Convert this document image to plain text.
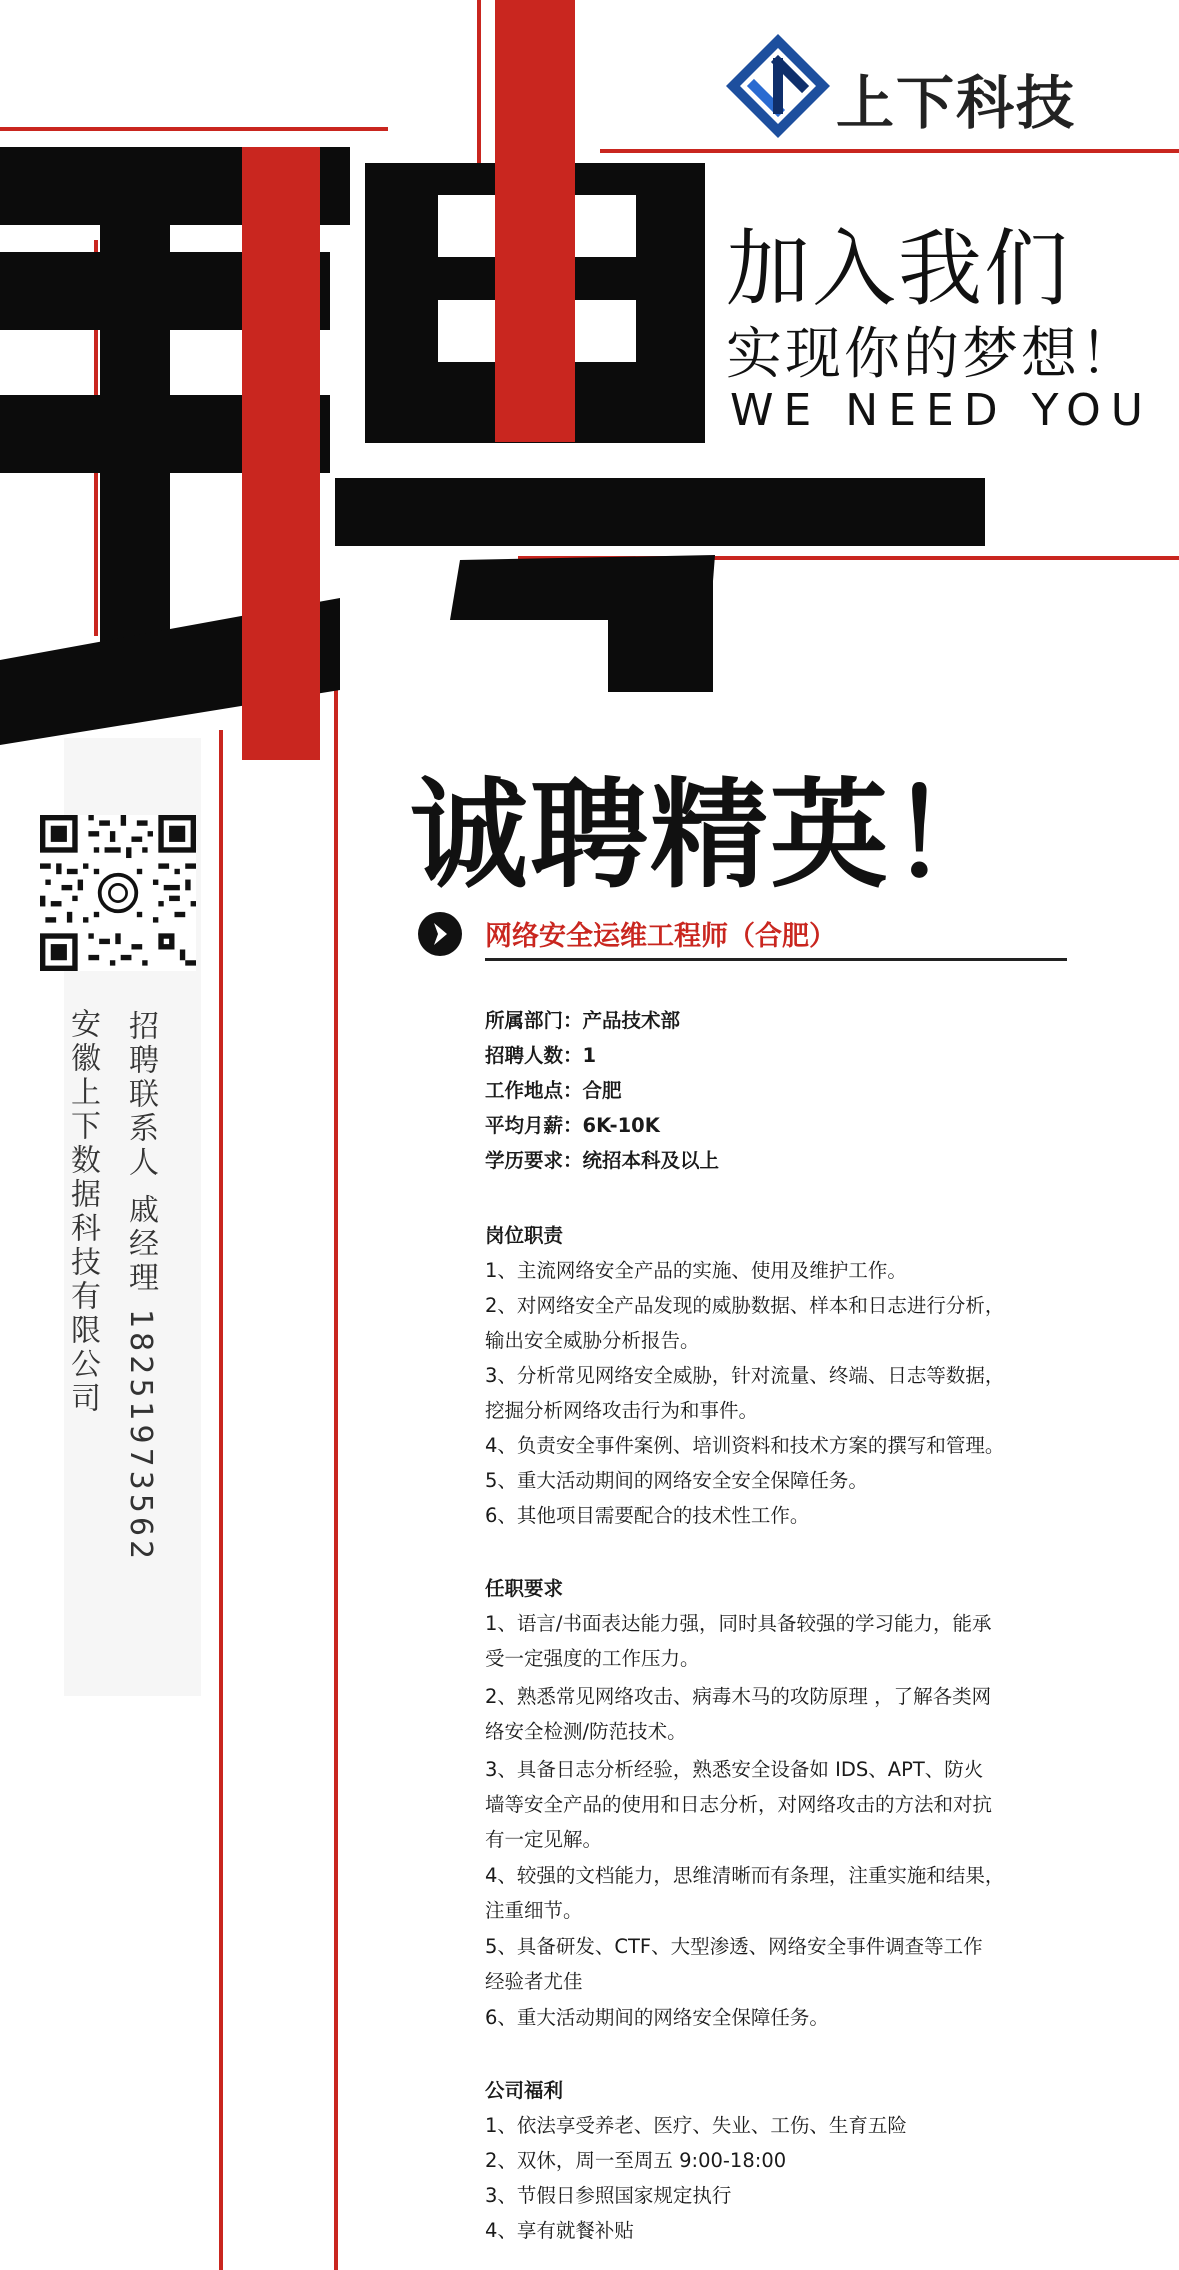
上下科技
加入我们
实现你的梦想！
WE NEED YOU
招聘联系人 戚经理 18251973562
安徽上下数据科技有限公司
诚聘精英！
网络安全运维工程师（合肥）
所属部门：产品技术部
招聘人数：1
工作地点：合肥
平均月薪：6K-10K
学历要求：统招本科及以上
岗位职责
1、主流网络安全产品的实施、使用及维护工作。
2、对网络安全产品发现的威胁数据、样本和日志进行分析，
输出安全威胁分析报告。
3、分析常见网络安全威胁，针对流量、终端、日志等数据，
挖掘分析网络攻击行为和事件。
4、负责安全事件案例、培训资料和技术方案的撰写和管理。
5、重大活动期间的网络安全安全保障任务。
6、其他项目需要配合的技术性工作。
任职要求
1、语言/书面表达能力强，同时具备较强的学习能力，能承
受一定强度的工作压力。
2、熟悉常见网络攻击、病毒木马的攻防原理 ，了解各类网
络安全检测/防范技术。
3、具备日志分析经验，熟悉安全设备如 IDS、APT、防火
墙等安全产品的使用和日志分析，对网络攻击的方法和对抗
有一定见解。
4、较强的文档能力，思维清晰而有条理，注重实施和结果，
注重细节。
5、具备研发、CTF、大型渗透、网络安全事件调查等工作
经验者尤佳
6、重大活动期间的网络安全保障任务。
公司福利
1、依法享受养老、医疗、失业、工伤、生育五险
2、双休，周一至周五 9:00-18:00
3、节假日参照国家规定执行
4、享有就餐补贴
